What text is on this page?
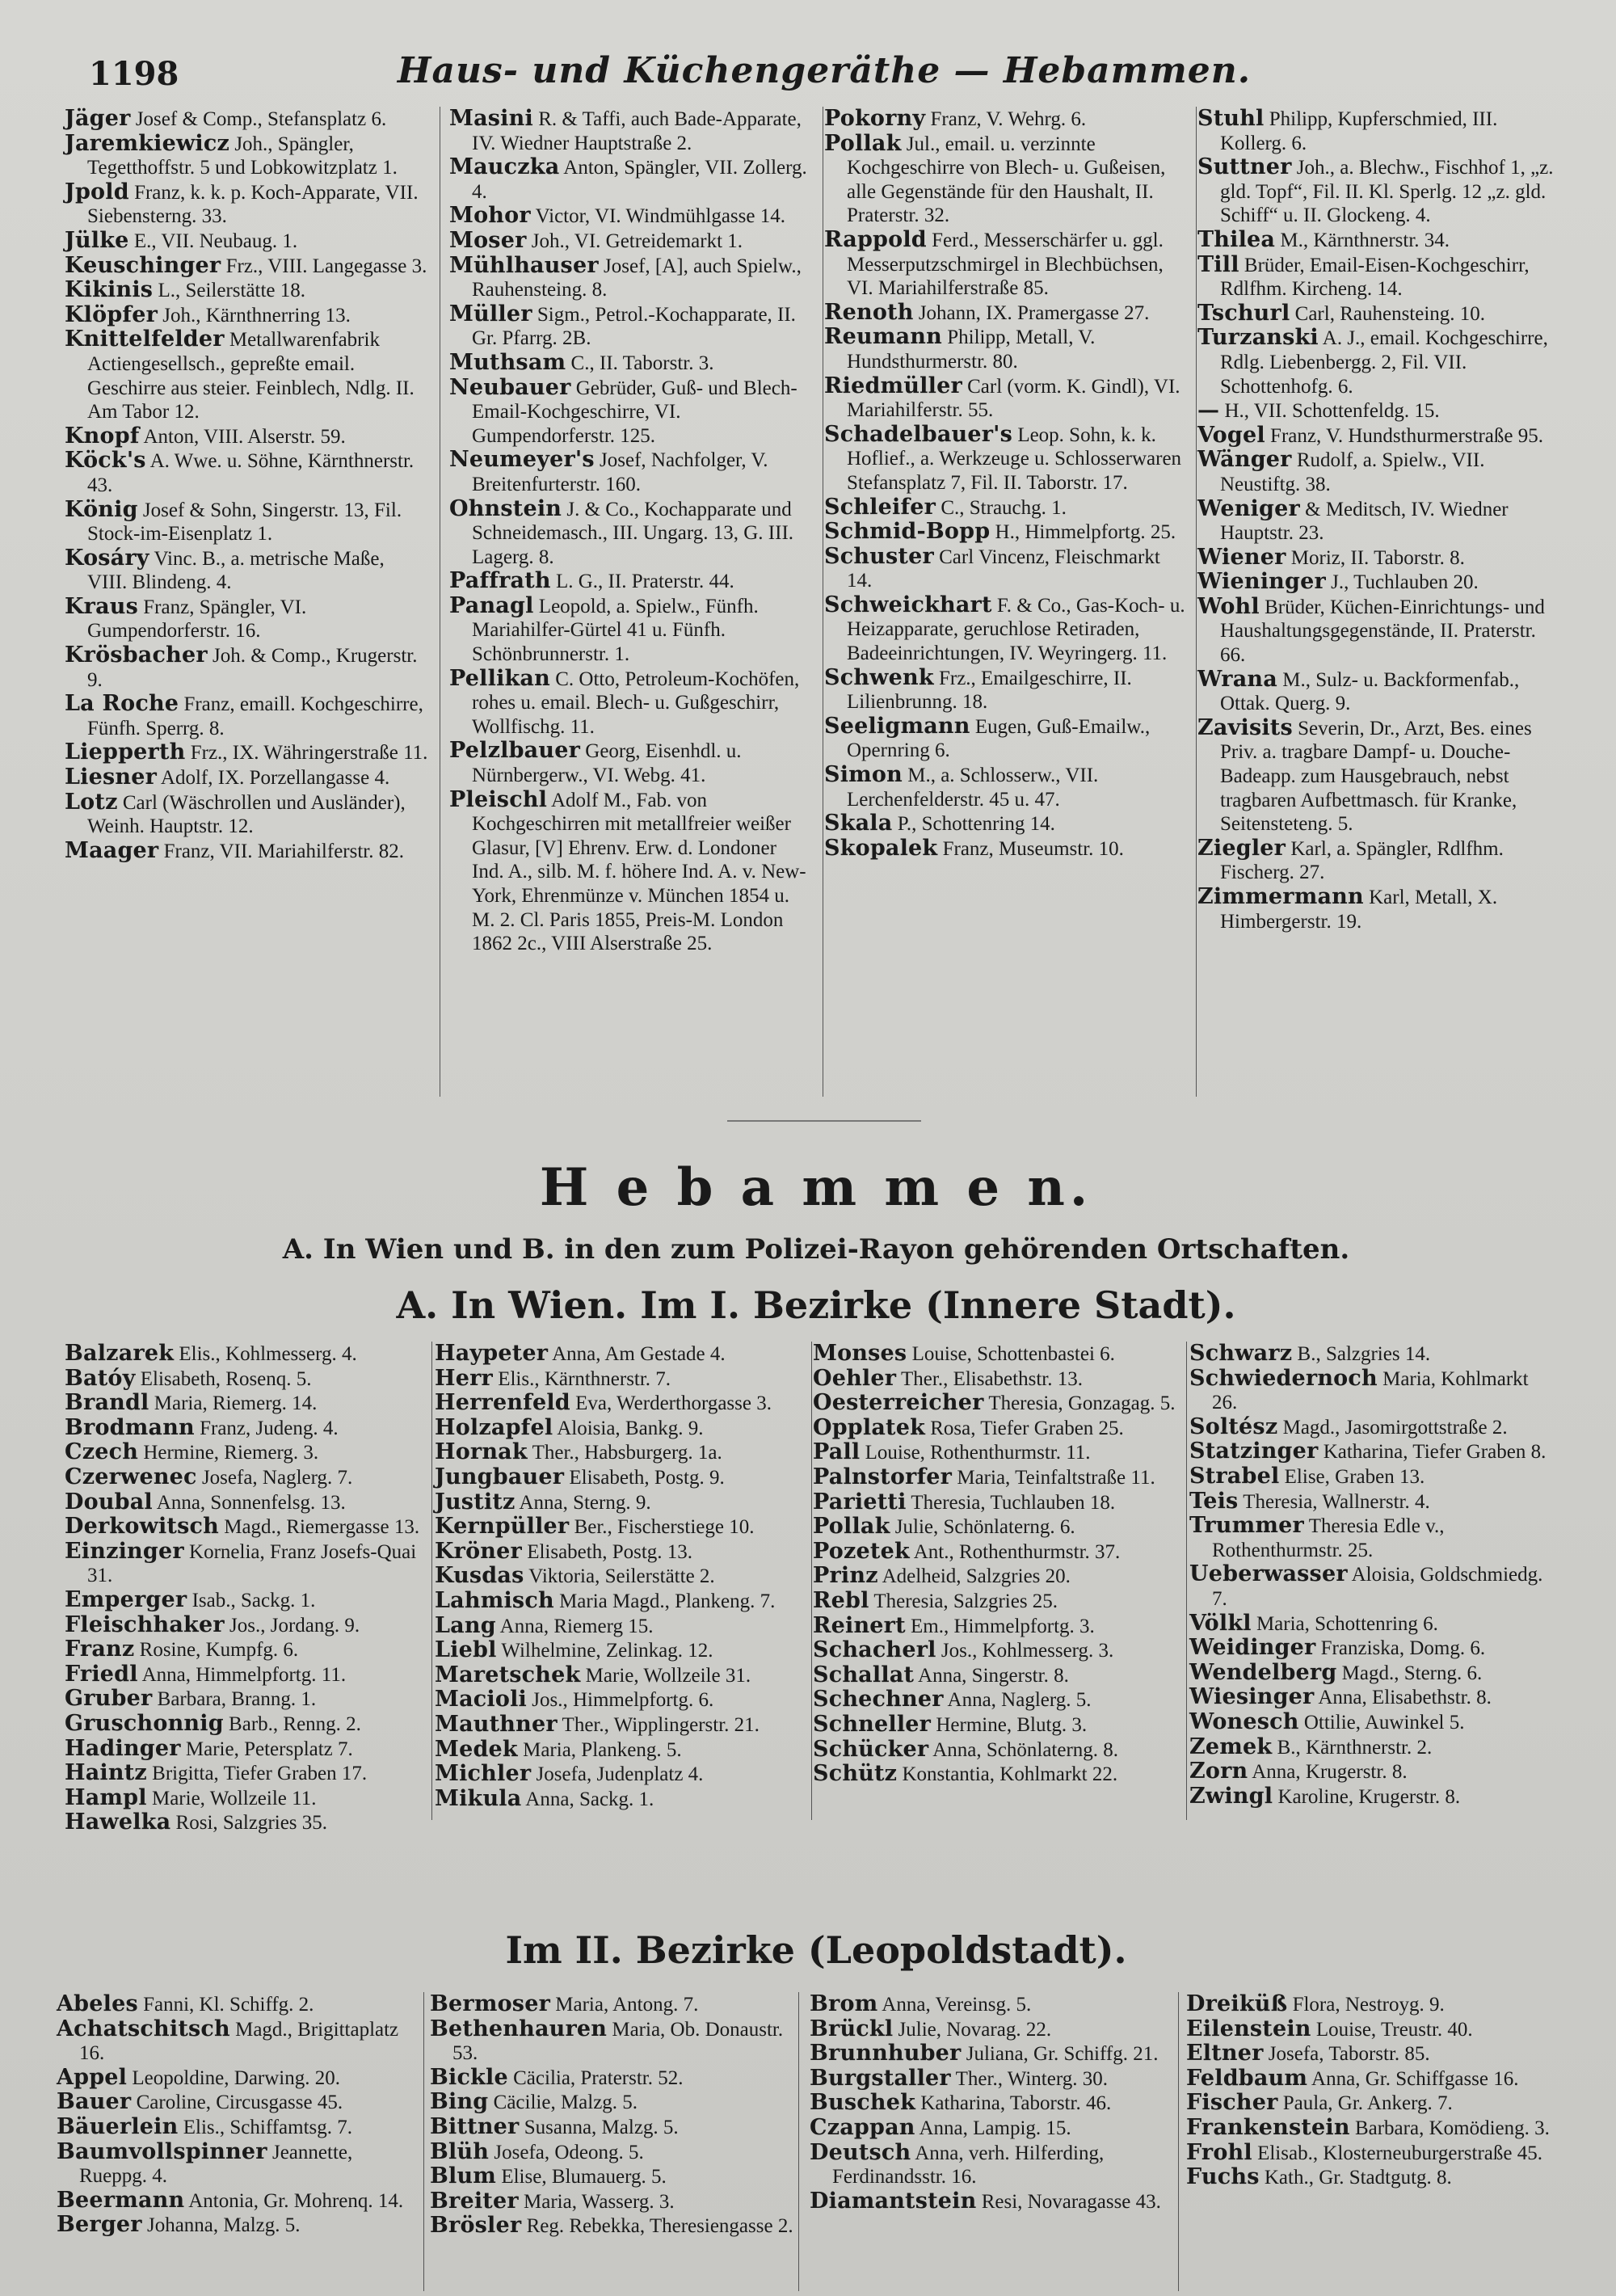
1198	Haus- und Küchengeräthe — Hebammen.

Jäger Josef & Comp., Stefansplatz 6.

Jaremkiewicz Joh., Spängler, Tegetthoffstr. 5 und Lobkowitzplatz 1.

Jpold Franz, k. k. p. Koch-Apparate, VII. Siebensterng. 33.

Jülke E., VII. Neubaug. 1.

Keuschinger Frz., VIII. Langegasse 3.

Kikinis L., Seilerstätte 18.

Klöpfer Joh., Kärnthnerring 13.

Knittelfelder Metallwarenfabrik Actiengesellsch., gepreßte email. Geschirre aus steier. Feinblech, Ndlg. II. Am Tabor 12.

Knopf Anton, VIII. Alserstr. 59.

Köck's A. Wwe. u. Söhne, Kärnthnerstr. 43.

König Josef & Sohn, Singerstr. 13, Fil. Stock-im-Eisenplatz 1.

Kosáry Vinc. B., a. metrische Maße, VIII. Blindeng. 4.

Kraus Franz, Spängler, VI. Gumpendorferstr. 16.

Krösbacher Joh. & Comp., Krugerstr. 9.

La Roche Franz, emaill. Kochgeschirre, Fünfh. Sperrg. 8.

Liepperth Frz., IX. Währingerstraße 11.

Liesner Adolf, IX. Porzellangasse 4.

Lotz Carl (Wäschrollen und Ausländer), Weinh. Hauptstr. 12.

Maager Franz, VII. Mariahilferstr. 82.

Masini R. & Taffi, auch Bade-Apparate, IV. Wiedner Hauptstraße 2.

Mauczka Anton, Spängler, VII. Zollerg. 4.

Mohor Victor, VI. Windmühlgasse 14.

Moser Joh., VI. Getreidemarkt 1.

Mühlhauser Josef, [A], auch Spielw., Rauhensteing. 8.

Müller Sigm., Petrol.-Kochapparate, II. Gr. Pfarrg. 2B.

Muthsam C., II. Taborstr. 3.

Neubauer Gebrüder, Guß- und Blech-Email-Kochgeschirre, VI. Gumpendorferstr. 125.

Neumeyer's Josef, Nachfolger, V. Breitenfurterstr. 160.

Ohnstein J. & Co., Kochapparate und Schneidemasch., III. Ungarg. 13, G. III. Lagerg. 8.

Paffrath L. G., II. Praterstr. 44.

Panagl Leopold, a. Spielw., Fünfh. Mariahilfer-Gürtel 41 u. Fünfh. Schönbrunnerstr. 1.

Pellikan C. Otto, Petroleum-Kochöfen, rohes u. email. Blech- u. Gußgeschirr, Wollfischg. 11.

Pelzlbauer Georg, Eisenhdl. u. Nürnbergerw., VI. Webg. 41.

Pleischl Adolf M., Fab. von Kochgeschirren mit metallfreier weißer Glasur, [V] Ehrenv. Erw. d. Londoner Ind. A., silb. M. f. höhere Ind. A. v. New-York, Ehrenmünze v. München 1854 u. M. 2. Cl. Paris 1855, Preis-M. London 1862 2c., VIII Alserstraße 25.

Pokorny Franz, V. Wehrg. 6.

Pollak Jul., email. u. verzinnte Kochgeschirre von Blech- u. Gußeisen, alle Gegenstände für den Haushalt, II. Praterstr. 32.

Rappold Ferd., Messerschärfer u. ggl. Messerputzschmirgel in Blechbüchsen, VI. Mariahilferstraße 85.

Renoth Johann, IX. Pramergasse 27.

Reumann Philipp, Metall, V. Hundsthurmerstr. 80.

Riedmüller Carl (vorm. K. Gindl), VI. Mariahilferstr. 55.

Schadelbauer's Leop. Sohn, k. k. Hoflief., a. Werkzeuge u. Schlosserwaren Stefansplatz 7, Fil. II. Taborstr. 17.

Schleifer C., Strauchg. 1.

Schmid-Bopp H., Himmelpfortg. 25.

Schuster Carl Vincenz, Fleischmarkt 14.

Schweickhart F. & Co., Gas-Koch- u. Heizapparate, geruchlose Retiraden, Badeeinrichtungen, IV. Weyringerg. 11.

Schwenk Frz., Emailgeschirre, II. Lilienbrunng. 18.

Seeligmann Eugen, Guß-Emailw., Opernring 6.

Simon M., a. Schlosserw., VII. Lerchenfelderstr. 45 u. 47.

Skala P., Schottenring 14.

Skopalek Franz, Museumstr. 10.

Stuhl Philipp, Kupferschmied, III. Kollerg. 6.

Suttner Joh., a. Blechw., Fischhof 1, „z. gld. Topf“, Fil. II. Kl. Sperlg. 12 „z. gld. Schiff“ u. II. Glockeng. 4.

Thilea M., Kärnthnerstr. 34.

Till Brüder, Email-Eisen-Kochgeschirr, Rdlfhm. Kircheng. 14.

Tschurl Carl, Rauhensteing. 10.

Turzanski A. J., email. Kochgeschirre, Rdlg. Liebenbergg. 2, Fil. VII. Schottenhofg. 6.

— H., VII. Schottenfeldg. 15.

Vogel Franz, V. Hundsthurmerstraße 95.

Wänger Rudolf, a. Spielw., VII. Neustiftg. 38.

Weniger & Meditsch, IV. Wiedner Hauptstr. 23.

Wiener Moriz, II. Taborstr. 8.

Wieninger J., Tuchlauben 20.

Wohl Brüder, Küchen-Einrichtungs- und Haushaltungsgegenstände, II. Praterstr. 66.

Wrana M., Sulz- u. Backformenfab., Ottak. Querg. 9.

Zavisits Severin, Dr., Arzt, Bes. eines Priv. a. tragbare Dampf- u. Douche-Badeapp. zum Hausgebrauch, nebst tragbaren Aufbettmasch. für Kranke, Seitensteteng. 5.

Ziegler Karl, a. Spängler, Rdlfhm. Fischerg. 27.

Zimmermann Karl, Metall, X. Himbergerstr. 19.

H e b a m m e n.
A. In Wien und B. in den zum Polizei-Rayon gehörenden Ortschaften.
A. In Wien. Im I. Bezirke (Innere Stadt).

Balzarek Elis., Kohlmesserg. 4.

Batóy Elisabeth, Rosenq. 5.

Brandl Maria, Riemerg. 14.

Brodmann Franz, Judeng. 4.

Czech Hermine, Riemerg. 3.

Czerwenec Josefa, Naglerg. 7.

Doubal Anna, Sonnenfelsg. 13.

Derkowitsch Magd., Riemergasse 13.

Einzinger Kornelia, Franz Josefs-Quai 31.

Emperger Isab., Sackg. 1.

Fleischhaker Jos., Jordang. 9.

Franz Rosine, Kumpfg. 6.

Friedl Anna, Himmelpfortg. 11.

Gruber Barbara, Branng. 1.

Gruschonnig Barb., Renng. 2.

Hadinger Marie, Petersplatz 7.

Haintz Brigitta, Tiefer Graben 17.

Hampl Marie, Wollzeile 11.

Hawelka Rosi, Salzgries 35.

Haypeter Anna, Am Gestade 4.

Herr Elis., Kärnthnerstr. 7.

Herrenfeld Eva, Werderthorgasse 3.

Holzapfel Aloisia, Bankg. 9.

Hornak Ther., Habsburgerg. 1a.

Jungbauer Elisabeth, Postg. 9.

Justitz Anna, Sterng. 9.

Kernpüller Ber., Fischerstiege 10.

Kröner Elisabeth, Postg. 13.

Kusdas Viktoria, Seilerstätte 2.

Lahmisch Maria Magd., Plankeng. 7.

Lang Anna, Riemerg 15.

Liebl Wilhelmine, Zelinkag. 12.

Maretschek Marie, Wollzeile 31.

Macioli Jos., Himmelpfortg. 6.

Mauthner Ther., Wipplingerstr. 21.

Medek Maria, Plankeng. 5.

Michler Josefa, Judenplatz 4.

Mikula Anna, Sackg. 1.

Monses Louise, Schottenbastei 6.

Oehler Ther., Elisabethstr. 13.

Oesterreicher Theresia, Gonzagag. 5.

Opplatek Rosa, Tiefer Graben 25.

Pall Louise, Rothenthurmstr. 11.

Palnstorfer Maria, Teinfaltstraße 11.

Parietti Theresia, Tuchlauben 18.

Pollak Julie, Schönlaterng. 6.

Pozetek Ant., Rothenthurmstr. 37.

Prinz Adelheid, Salzgries 20.

Rebl Theresia, Salzgries 25.

Reinert Em., Himmelpfortg. 3.

Schacherl Jos., Kohlmesserg. 3.

Schallat Anna, Singerstr. 8.

Schechner Anna, Naglerg. 5.

Schneller Hermine, Blutg. 3.

Schücker Anna, Schönlaterng. 8.

Schütz Konstantia, Kohlmarkt 22.

Schwarz B., Salzgries 14.

Schwiedernoch Maria, Kohlmarkt 26.

Soltész Magd., Jasomirgottstraße 2.

Statzinger Katharina, Tiefer Graben 8.

Strabel Elise, Graben 13.

Teis Theresia, Wallnerstr. 4.

Trummer Theresia Edle v., Rothenthurmstr. 25.

Ueberwasser Aloisia, Goldschmiedg. 7.

Völkl Maria, Schottenring 6.

Weidinger Franziska, Domg. 6.

Wendelberg Magd., Sterng. 6.

Wiesinger Anna, Elisabethstr. 8.

Wonesch Ottilie, Auwinkel 5.

Zemek B., Kärnthnerstr. 2.

Zorn Anna, Krugerstr. 8.

Zwingl Karoline, Krugerstr. 8.

Im II. Bezirke (Leopoldstadt).

Abeles Fanni, Kl. Schiffg. 2.

Achatschitsch Magd., Brigittaplatz 16.

Appel Leopoldine, Darwing. 20.

Bauer Caroline, Circusgasse 45.

Bäuerlein Elis., Schiffamtsg. 7.

Baumvollspinner Jeannette, Rueppg. 4.

Beermann Antonia, Gr. Mohrenq. 14.

Berger Johanna, Malzg. 5.

Bermoser Maria, Antong. 7.

Bethenhauren Maria, Ob. Donaustr. 53.

Bickle Cäcilia, Praterstr. 52.

Bing Cäcilie, Malzg. 5.

Bittner Susanna, Malzg. 5.

Blüh Josefa, Odeong. 5.

Blum Elise, Blumauerg. 5.

Breiter Maria, Wasserg. 3.

Brösler Reg. Rebekka, Theresiengasse 2.

Brom Anna, Vereinsg. 5.

Brückl Julie, Novarag. 22.

Brunnhuber Juliana, Gr. Schiffg. 21.

Burgstaller Ther., Winterg. 30.

Buschek Katharina, Taborstr. 46.

Czappan Anna, Lampig. 15.

Deutsch Anna, verh. Hilferding, Ferdinandsstr. 16.

Diamantstein Resi, Novaragasse 43.

Dreiküß Flora, Nestroyg. 9.

Eilenstein Louise, Treustr. 40.

Eltner Josefa, Taborstr. 85.

Feldbaum Anna, Gr. Schiffgasse 16.

Fischer Paula, Gr. Ankerg. 7.

Frankenstein Barbara, Komödieng. 3.

Frohl Elisab., Klosterneuburgerstraße 45.

Fuchs Kath., Gr. Stadtgutg. 8.
